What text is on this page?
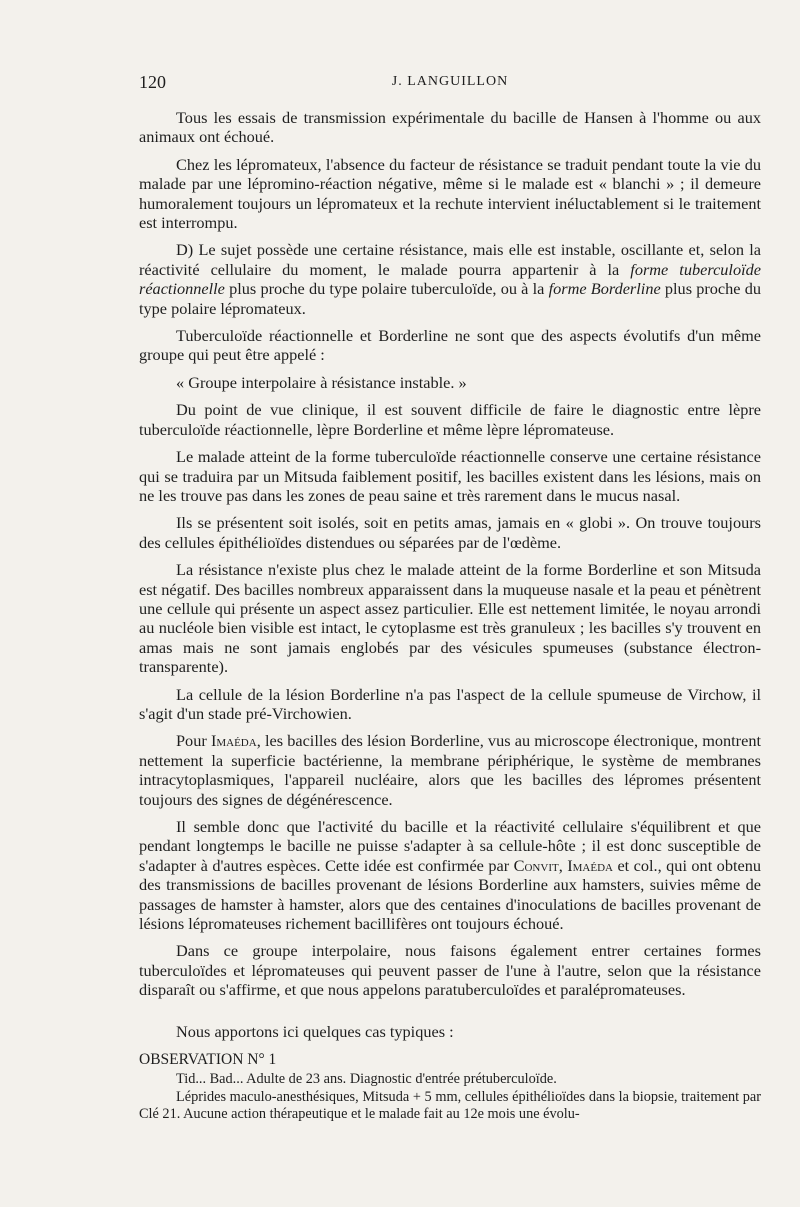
120	J. LANGUILLON

Tous les essais de transmission expérimentale du bacille de Hansen à l'homme ou aux animaux ont échoué.

Chez les lépromateux, l'absence du facteur de résistance se traduit pendant toute la vie du malade par une lépromino-réaction négative, même si le malade est « blanchi » ; il demeure humoralement toujours un lépromateux et la rechute intervient inéluctablement si le traitement est interrompu.

D) Le sujet possède une certaine résistance, mais elle est instable, oscillante et, selon la réactivité cellulaire du moment, le malade pourra appartenir à la forme tuberculoïde réactionnelle plus proche du type polaire tuberculoïde, ou à la forme Borderline plus proche du type polaire lépromateux.

Tuberculoïde réactionnelle et Borderline ne sont que des aspects évolutifs d'un même groupe qui peut être appelé :

« Groupe interpolaire à résistance instable. »

Du point de vue clinique, il est souvent difficile de faire le diagnostic entre lèpre tuberculoïde réactionnelle, lèpre Borderline et même lèpre lépromateuse.

Le malade atteint de la forme tuberculoïde réactionnelle conserve une certaine résistance qui se traduira par un Mitsuda faiblement positif, les bacilles existent dans les lésions, mais on ne les trouve pas dans les zones de peau saine et très rarement dans le mucus nasal.

Ils se présentent soit isolés, soit en petits amas, jamais en « globi ». On trouve toujours des cellules épithélioïdes distendues ou séparées par de l'œdème.

La résistance n'existe plus chez le malade atteint de la forme Borderline et son Mitsuda est négatif. Des bacilles nombreux apparaissent dans la muqueuse nasale et la peau et pénètrent une cellule qui présente un aspect assez particulier. Elle est nettement limitée, le noyau arrondi au nucléole bien visible est intact, le cytoplasme est très granuleux ; les bacilles s'y trouvent en amas mais ne sont jamais englobés par des vésicules spumeuses (substance électron-transparente).

La cellule de la lésion Borderline n'a pas l'aspect de la cellule spumeuse de Virchow, il s'agit d'un stade pré-Virchowien.

Pour Imaéda, les bacilles des lésion Borderline, vus au microscope électronique, montrent nettement la superficie bactérienne, la membrane périphérique, le système de membranes intracytoplasmiques, l'appareil nucléaire, alors que les bacilles des lépromes présentent toujours des signes de dégénérescence.

Il semble donc que l'activité du bacille et la réactivité cellulaire s'équilibrent et que pendant longtemps le bacille ne puisse s'adapter à sa cellule-hôte ; il est donc susceptible de s'adapter à d'autres espèces. Cette idée est confirmée par Convit, Imaéda et col., qui ont obtenu des transmissions de bacilles provenant de lésions Borderline aux hamsters, suivies même de passages de hamster à hamster, alors que des centaines d'inoculations de bacilles provenant de lésions lépromateuses richement bacillifères ont toujours échoué.

Dans ce groupe interpolaire, nous faisons également entrer certaines formes tuberculoïdes et lépromateuses qui peuvent passer de l'une à l'autre, selon que la résistance disparaît ou s'affirme, et que nous appelons paratuberculoïdes et paralépromateuses.

Nous apportons ici quelques cas typiques :

OBSERVATION N° 1

Tid... Bad... Adulte de 23 ans. Diagnostic d'entrée prétuberculoïde.

Léprides maculo-anesthésiques, Mitsuda + 5 mm, cellules épithélioïdes dans la biopsie, traitement par Clé 21. Aucune action thérapeutique et le malade fait au 12e mois une évolu-
